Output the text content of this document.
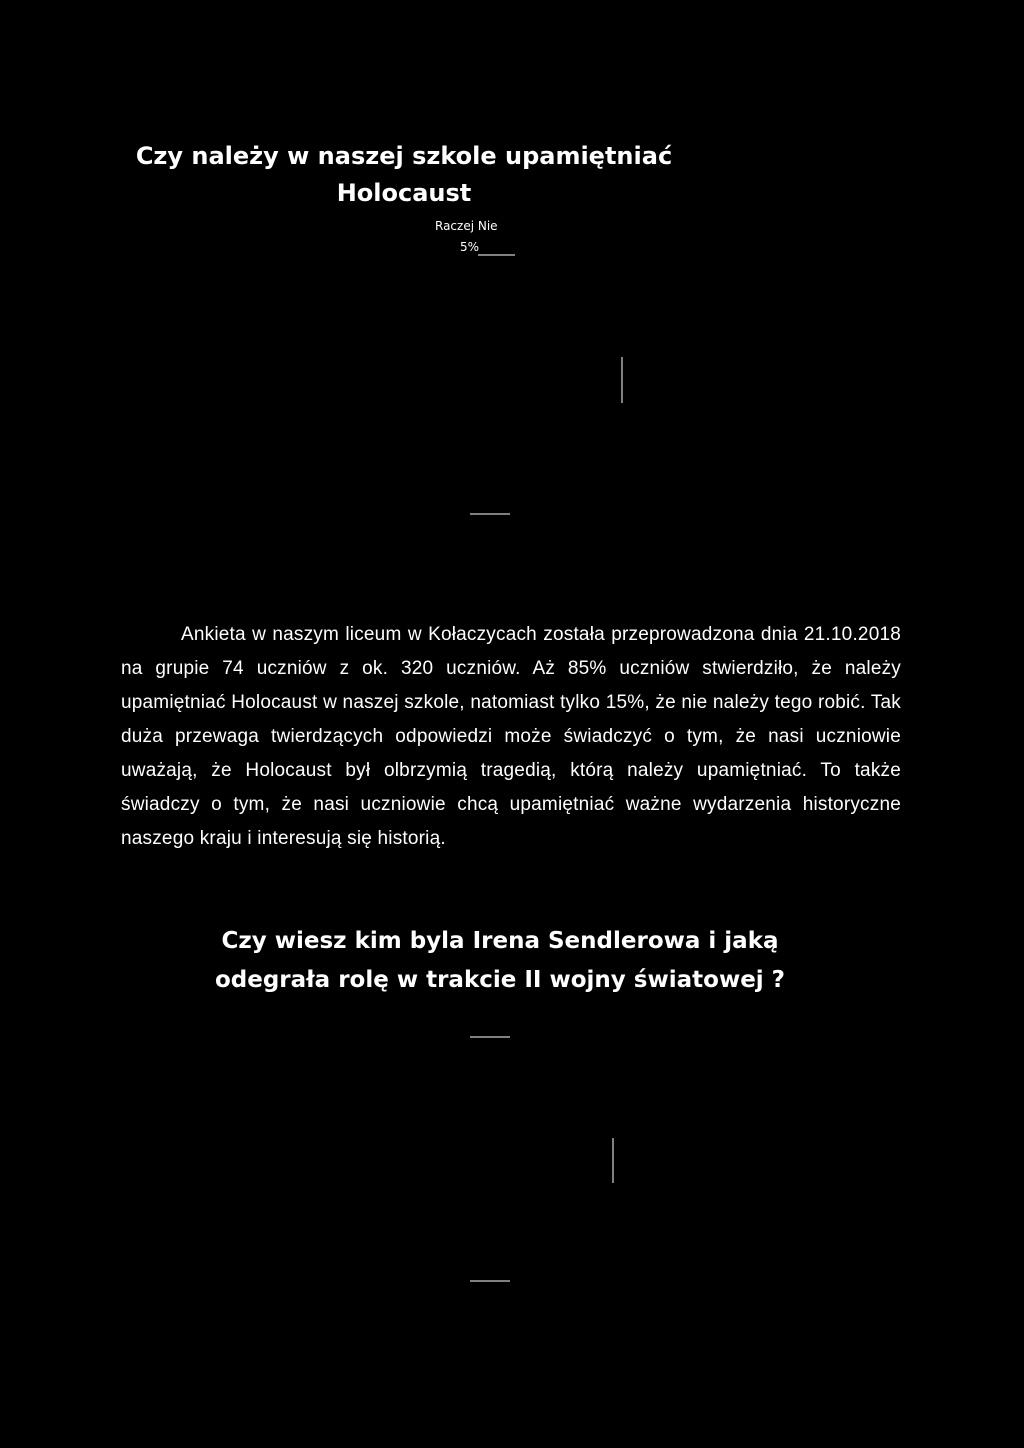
Czy należy w naszej szkole upamiętniać
Holocaust
Raczej Nie
5%

Ankieta w naszym liceum w Kołaczycach została przeprowadzona dnia 21.10.2018 na grupie 74 uczniów z ok. 320 uczniów. Aż 85% uczniów stwierdziło, że należy upamiętniać Holocaust w naszej szkole, natomiast tylko 15%, że nie należy tego robić. Tak duża przewaga twierdzących odpowiedzi może świadczyć o tym, że nasi uczniowie uważają, że Holocaust był olbrzymią tragedią, którą należy upamiętniać. To także świadczy o tym, że nasi uczniowie chcą upamiętniać ważne wydarzenia historyczne naszego kraju i interesują się historią.

Czy wiesz kim byla Irena Sendlerowa i jaką
odegrała rolę w trakcie II wojny światowej ?
